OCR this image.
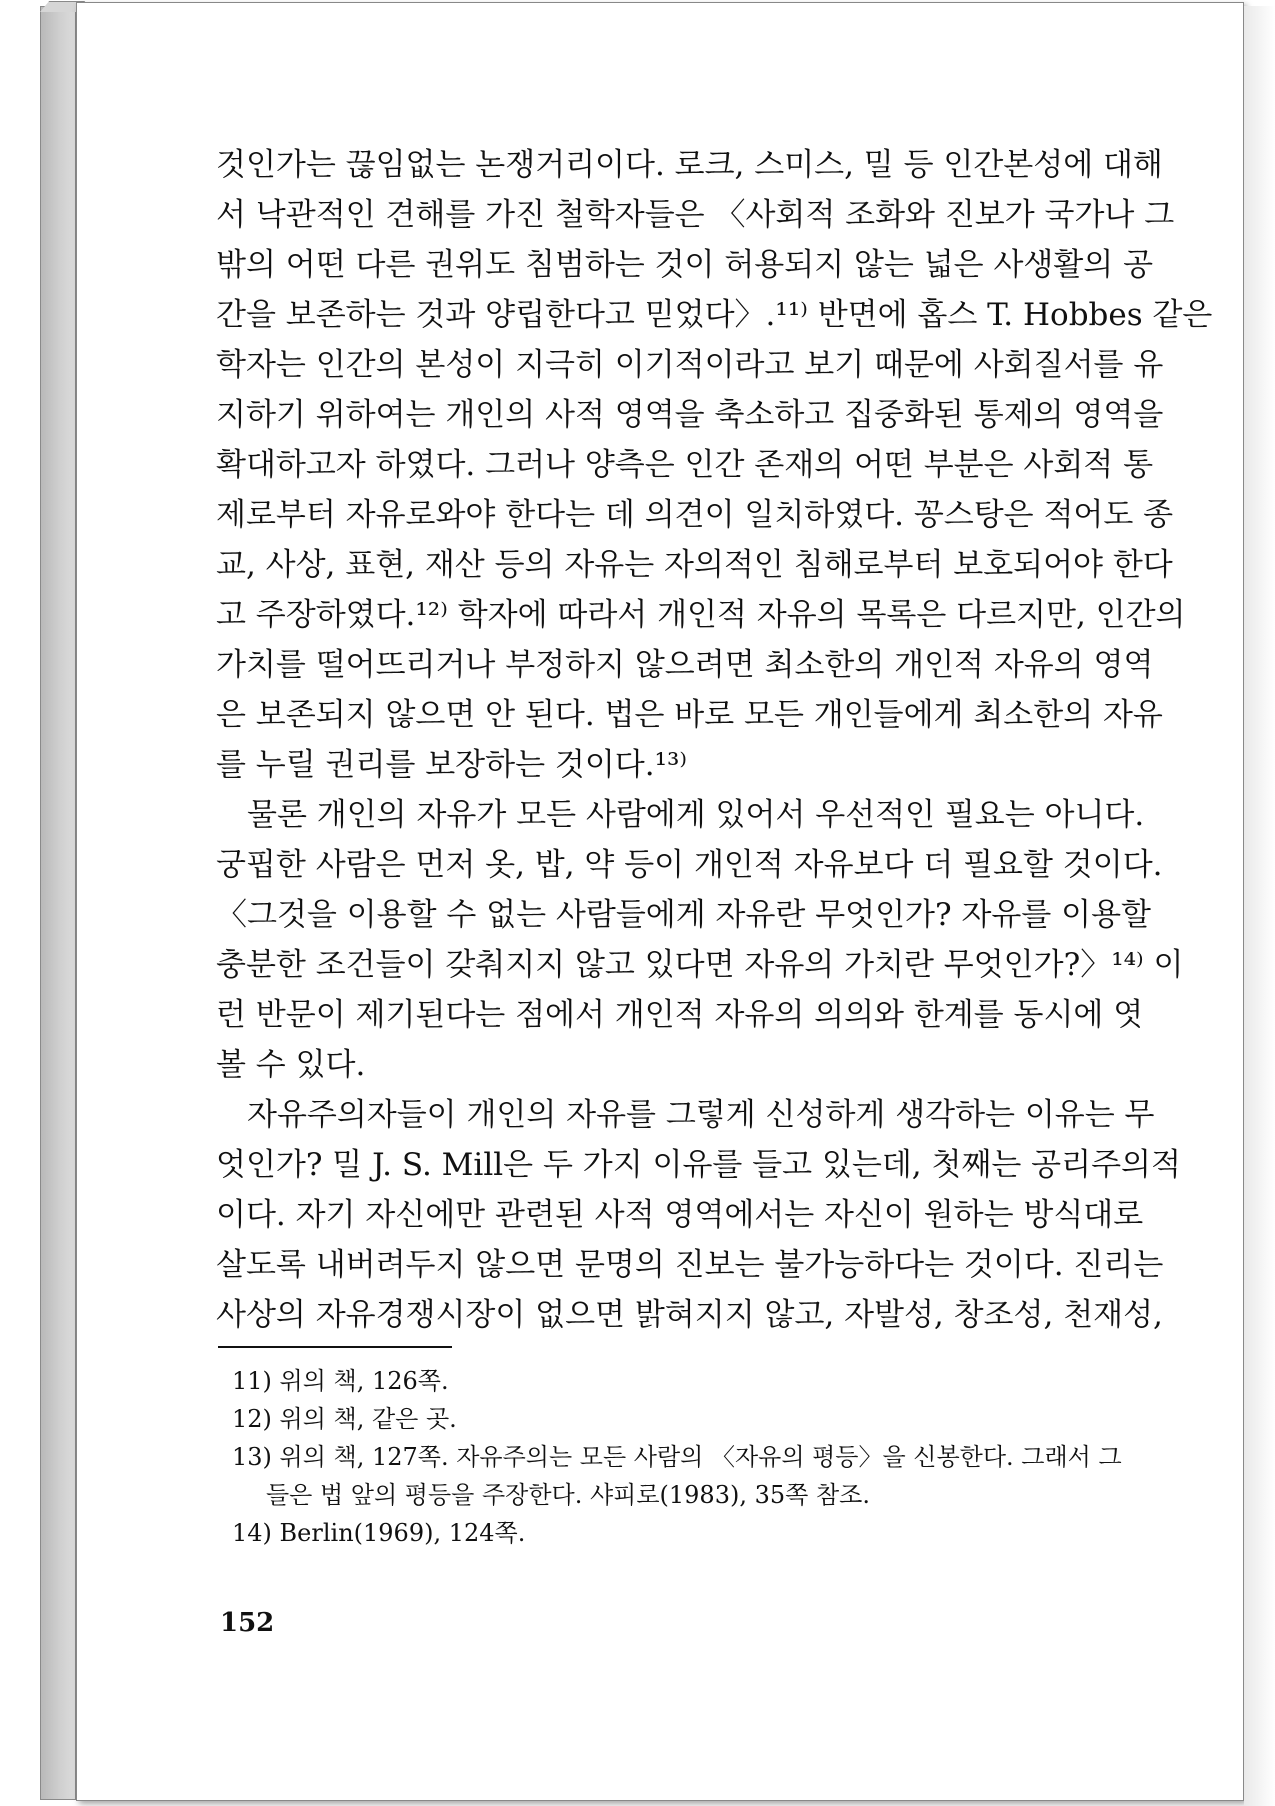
것인가는 끊임없는 논쟁거리이다. 로크, 스미스, 밀 등 인간본성에 대해
서 낙관적인 견해를 가진 철학자들은 〈사회적 조화와 진보가 국가나 그
밖의 어떤 다른 권위도 침범하는 것이 허용되지 않는 넓은 사생활의 공
간을 보존하는 것과 양립한다고 믿었다〉.¹¹⁾ 반면에 홉스 T. Hobbes 같은
학자는 인간의 본성이 지극히 이기적이라고 보기 때문에 사회질서를 유
지하기 위하여는 개인의 사적 영역을 축소하고 집중화된 통제의 영역을
확대하고자 하였다. 그러나 양측은 인간 존재의 어떤 부분은 사회적 통
제로부터 자유로와야 한다는 데 의견이 일치하였다. 꽁스탕은 적어도 종
교, 사상, 표현, 재산 등의 자유는 자의적인 침해로부터 보호되어야 한다
고 주장하였다.¹²⁾ 학자에 따라서 개인적 자유의 목록은 다르지만, 인간의
가치를 떨어뜨리거나 부정하지 않으려면 최소한의 개인적 자유의 영역
은 보존되지 않으면 안 된다. 법은 바로 모든 개인들에게 최소한의 자유
를 누릴 권리를 보장하는 것이다.¹³⁾
물론 개인의 자유가 모든 사람에게 있어서 우선적인 필요는 아니다.
궁핍한 사람은 먼저 옷, 밥, 약 등이 개인적 자유보다 더 필요할 것이다.
〈그것을 이용할 수 없는 사람들에게 자유란 무엇인가? 자유를 이용할
충분한 조건들이 갖춰지지 않고 있다면 자유의 가치란 무엇인가?〉¹⁴⁾ 이
런 반문이 제기된다는 점에서 개인적 자유의 의의와 한계를 동시에 엿
볼 수 있다.
자유주의자들이 개인의 자유를 그렇게 신성하게 생각하는 이유는 무
엇인가? 밀 J. S. Mill은 두 가지 이유를 들고 있는데, 첫째는 공리주의적
이다. 자기 자신에만 관련된 사적 영역에서는 자신이 원하는 방식대로
살도록 내버려두지 않으면 문명의 진보는 불가능하다는 것이다. 진리는
사상의 자유경쟁시장이 없으면 밝혀지지 않고, 자발성, 창조성, 천재성,
11) 위의 책, 126쪽.
12) 위의 책, 같은 곳.
13) 위의 책, 127쪽. 자유주의는 모든 사람의 〈자유의 평등〉을 신봉한다. 그래서 그
들은 법 앞의 평등을 주장한다. 샤피로(1983), 35쪽 참조.
14) Berlin(1969), 124쪽.
152
